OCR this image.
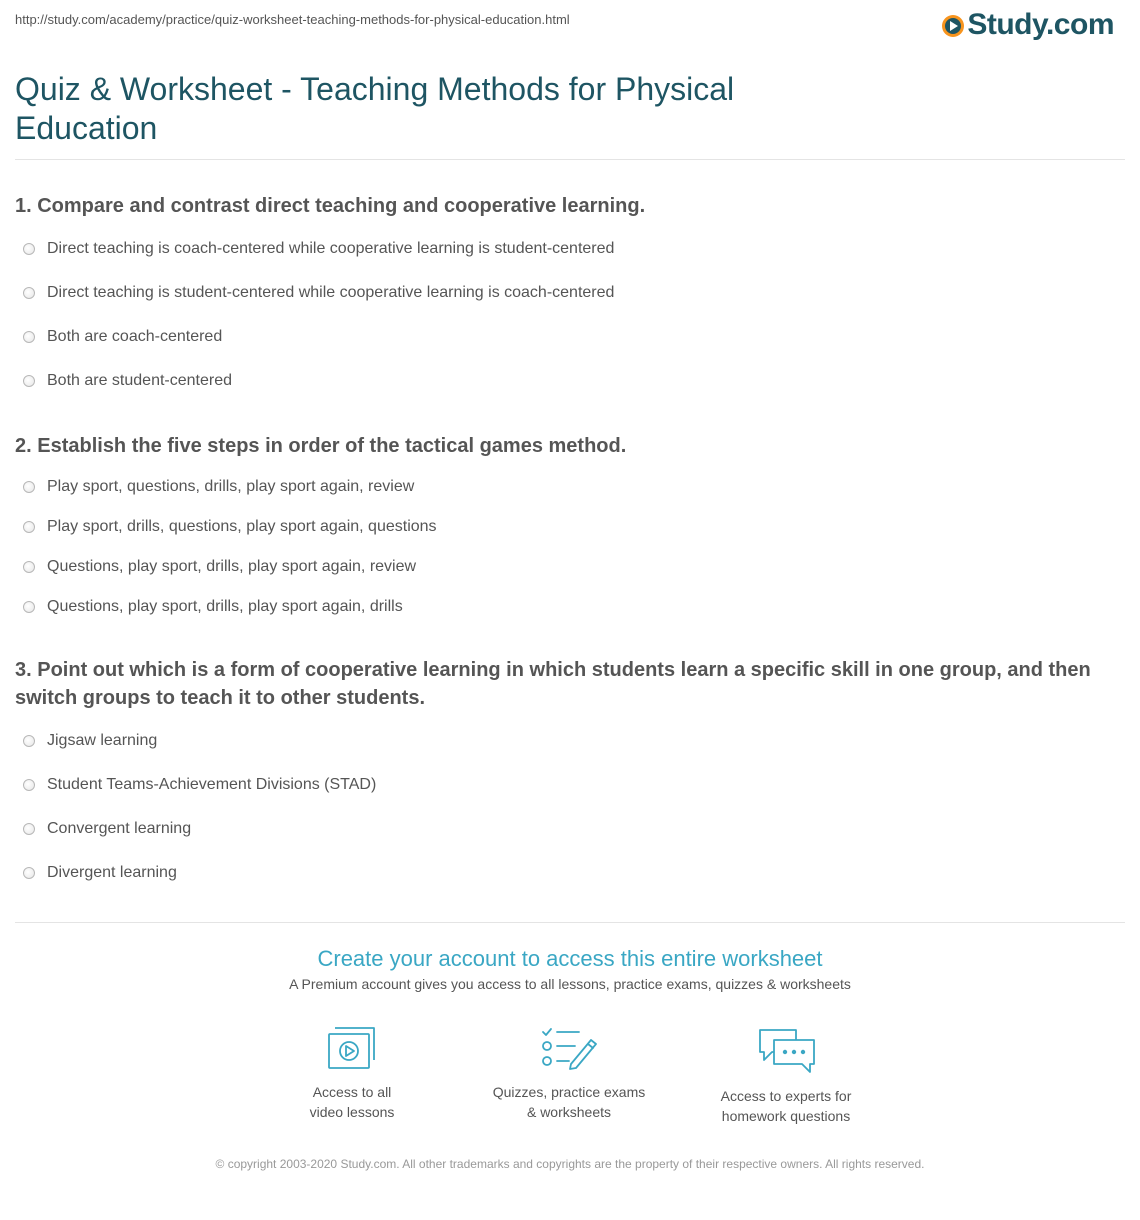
http://study.com/academy/practice/quiz-worksheet-teaching-methods-for-physical-education.html	Study.com
Quiz & Worksheet - Teaching Methods for Physical Education
1. Compare and contrast direct teaching and cooperative learning.
Direct teaching is coach-centered while cooperative learning is student-centered
Direct teaching is student-centered while cooperative learning is coach-centered
Both are coach-centered
Both are student-centered
2. Establish the five steps in order of the tactical games method.
Play sport, questions, drills, play sport again, review
Play sport, drills, questions, play sport again, questions
Questions, play sport, drills, play sport again, review
Questions, play sport, drills, play sport again, drills
3. Point out which is a form of cooperative learning in which students learn a specific skill in one group, and then switch groups to teach it to other students.
Jigsaw learning
Student Teams-Achievement Divisions (STAD)
Convergent learning
Divergent learning
Create your account to access this entire worksheet
A Premium account gives you access to all lessons, practice exams, quizzes & worksheets
Access to all
video lessons
Quizzes, practice exams
& worksheets
Access to experts for
homework questions
© copyright 2003-2020 Study.com. All other trademarks and copyrights are the property of their respective owners. All rights reserved.
